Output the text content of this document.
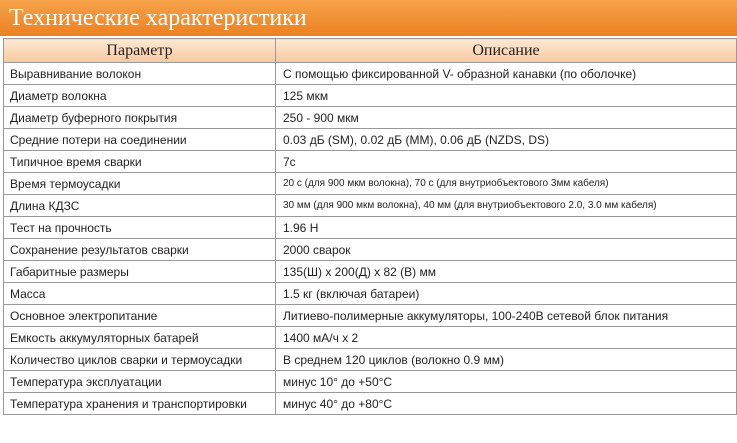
Технические характеристики
Параметр	Описание
Выравнивание волокон	С помощью фиксированной V- образной канавки (по оболочке)
Диаметр волокна	125 мкм
Диаметр буферного покрытия	250 - 900 мкм
Средние потери на соединении	0.03 дБ (SM), 0.02 дБ (MM), 0.06 дБ (NZDS, DS)
Типичное время сварки	7с
Время термоусадки	20 с (для 900 мкм волокна), 70 с (для внутриобъектового 3мм кабеля)
Длина КДЗС	30 мм (для 900 мкм волокна), 40 мм (для внутриобъектового 2.0, 3.0 мм кабеля)
Тест на прочность	1.96 Н
Сохранение результатов сварки	2000 сварок
Габаритные размеры	135(Ш) x 200(Д) x 82 (В) мм
Масса	1.5 кг (включая батареи)
Основное электропитание	Литиево-полимерные аккумуляторы, 100-240В сетевой блок питания
Емкость аккумуляторных батарей	1400 мА/ч x 2
Количество циклов сварки и термоусадки	В среднем 120 циклов (волокно 0.9 мм)
Температура эксплуатации	минус 10° до +50°C
Температура хранения и транспортировки	минус 40° до +80°C
